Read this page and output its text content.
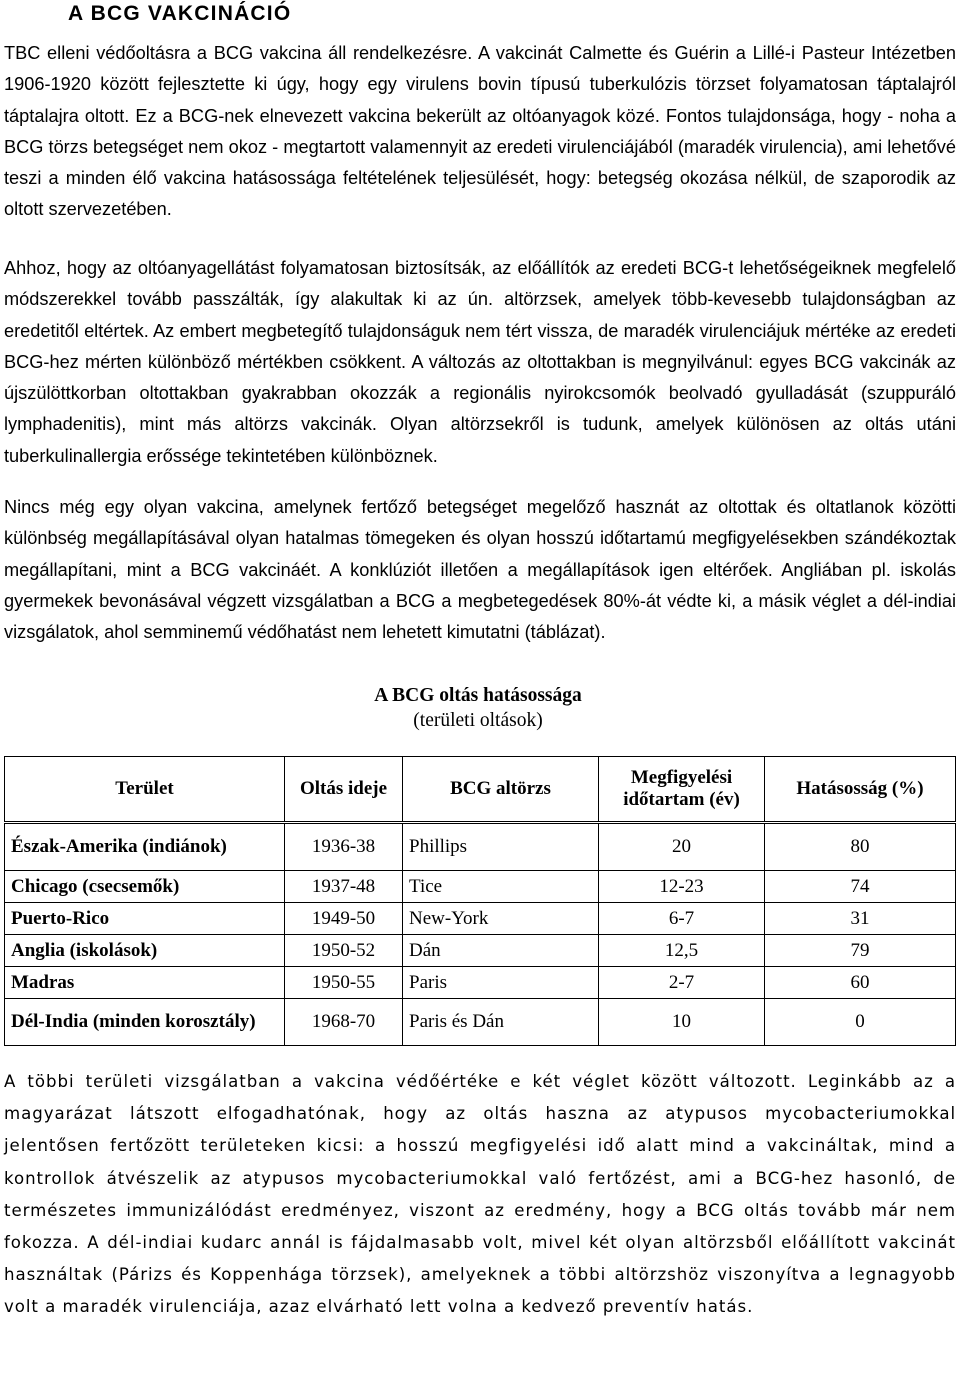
A BCG VAKCINÁCIÓ

TBC elleni védőoltásra a BCG vakcina áll rendelkezésre. A vakcinát Calmette és Guérin a Lillé-i Pasteur Intézetben 1906-1920 között fejlesztette ki úgy, hogy egy virulens bovin típusú tuberkulózis törzset folyamatosan táptalajról táptalajra oltott. Ez a BCG-nek elnevezett vakcina bekerült az oltóanyagok közé. Fontos tulajdonsága, hogy - noha a BCG törzs betegséget nem okoz - megtartott valamennyit az eredeti virulenciájából (maradék virulencia), ami lehetővé teszi a minden élő vakcina hatásossága feltételének teljesülését, hogy: betegség okozása nélkül, de szaporodik az oltott szervezetében.

Ahhoz, hogy az oltóanyagellátást folyamatosan biztosítsák, az előállítók az eredeti BCG-t lehetőségeiknek megfelelő módszerekkel tovább passzálták, így alakultak ki az ún. altörzsek, amelyek több-kevesebb tulajdonságban az eredetitől eltértek. Az embert megbetegítő tulajdonságuk nem tért vissza, de maradék virulenciájuk mértéke az eredeti BCG-hez mérten különböző mértékben csökkent. A változás az oltottakban is megnyilvánul: egyes BCG vakcinák az újszülöttkorban oltottakban gyakrabban okozzák a regionális nyirokcsomók beolvadó gyulladását (szuppuráló lymphadenitis), mint más altörzs vakcinák. Olyan altörzsekről is tudunk, amelyek különösen az oltás utáni tuberkulinallergia erőssége tekintetében különböznek.

Nincs még egy olyan vakcina, amelynek fertőző betegséget megelőző hasznát az oltottak és oltatlanok közötti különbség megállapításával olyan hatalmas tömegeken és olyan hosszú időtartamú megfigyelésekben szándékoztak megállapítani, mint a BCG vakcináét. A konklúziót illetően a megállapítások igen eltérőek. Angliában pl. iskolás gyermekek bevonásával végzett vizsgálatban a BCG a megbetegedések 80%-át védte ki, a másik véglet a dél-indiai vizsgálatok, ahol semminemű védőhatást nem lehetett kimutatni (táblázat).

A BCG oltás hatásossága
(területi oltások)
Terület	Oltás ideje	BCG altörzs	Megfigyelési időtartam (év)	Hatásosság (%)
Észak-Amerika (indiánok)	1936-38	Phillips	20	80
Chicago (csecsemők)	1937-48	Tice	12-23	74
Puerto-Rico	1949-50	New-York	6-7	31
Anglia (iskolások)	1950-52	Dán	12,5	79
Madras	1950-55	Paris	2-7	60
Dél-India (minden korosztály)	1968-70	Paris és Dán	10	0

A többi területi vizsgálatban a vakcina védőértéke e két véglet között változott. Leginkább az a magyarázat látszott elfogadhatónak, hogy az oltás haszna az atypusos mycobacteriumokkal jelentősen fertőzött területeken kicsi: a hosszú megfigyelési idő alatt mind a vakcináltak, mind a kontrollok átvészelik az atypusos mycobacteriumokkal való fertőzést, ami a BCG-hez hasonló, de természetes immunizálódást eredményez, viszont az eredmény, hogy a BCG oltás tovább már nem fokozza. A dél-indiai kudarc annál is fájdalmasabb volt, mivel két olyan altörzsből előállított vakcinát használtak (Párizs és Koppenhága törzsek), amelyeknek a többi altörzshöz viszonyítva a legnagyobb volt a maradék virulenciája, azaz elvárható lett volna a kedvező preventív hatás.
